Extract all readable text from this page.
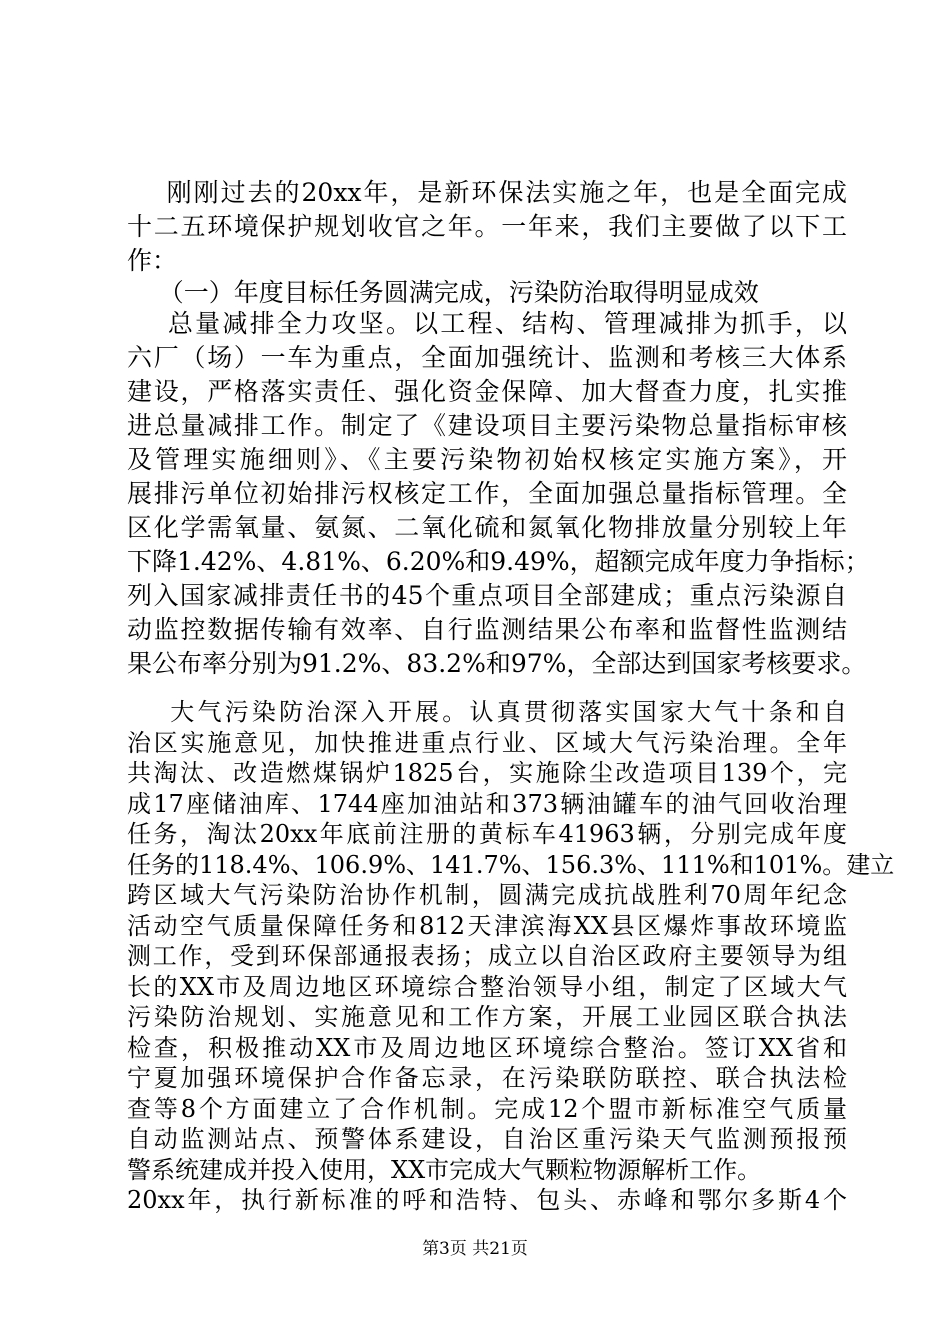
刚刚过去的20xx年，是新环保法实施之年，也是全面完成
十二五环境保护规划收官之年。一年来，我们主要做了以下工
作：
（一）年度目标任务圆满完成，污染防治取得明显成效
总量减排全力攻坚。以工程、结构、管理减排为抓手，以
六厂（场）一车为重点，全面加强统计、监测和考核三大体系
建设，严格落实责任、强化资金保障、加大督查力度，扎实推
进总量减排工作。制定了《建设项目主要污染物总量指标审核
及管理实施细则》、《主要污染物初始权核定实施方案》，开
展排污单位初始排污权核定工作，全面加强总量指标管理。全
区化学需氧量、氨氮、二氧化硫和氮氧化物排放量分别较上年
下降1.42%、4.81%、6.20%和9.49%，超额完成年度力争指标；
列入国家减排责任书的45个重点项目全部建成；重点污染源自
动监控数据传输有效率、自行监测结果公布率和监督性监测结
果公布率分别为91.2%、83.2%和97%，全部达到国家考核要求。
大气污染防治深入开展。认真贯彻落实国家大气十条和自
治区实施意见，加快推进重点行业、区域大气污染治理。全年
共淘汰、改造燃煤锅炉1825台，实施除尘改造项目139个，完
成17座储油库、1744座加油站和373辆油罐车的油气回收治理
任务，淘汰20xx年底前注册的黄标车41963辆，分别完成年度
任务的118.4%、106.9%、141.7%、156.3%、111%和101%。建立
跨区域大气污染防治协作机制，圆满完成抗战胜利70周年纪念
活动空气质量保障任务和812天津滨海XX县区爆炸事故环境监
测工作，受到环保部通报表扬；成立以自治区政府主要领导为组
长的XX市及周边地区环境综合整治领导小组，制定了区域大气
污染防治规划、实施意见和工作方案，开展工业园区联合执法
检查，积极推动XX市及周边地区环境综合整治。签订XX省和
宁夏加强环境保护合作备忘录，在污染联防联控、联合执法检
查等8个方面建立了合作机制。完成12个盟市新标准空气质量
自动监测站点、预警体系建设，自治区重污染天气监测预报预
第3页 共21页
警系统建成并投入使用，XX市完成大气颗粒物源解析工作。
20xx年，执行新标准的呼和浩特、包头、赤峰和鄂尔多斯4个
